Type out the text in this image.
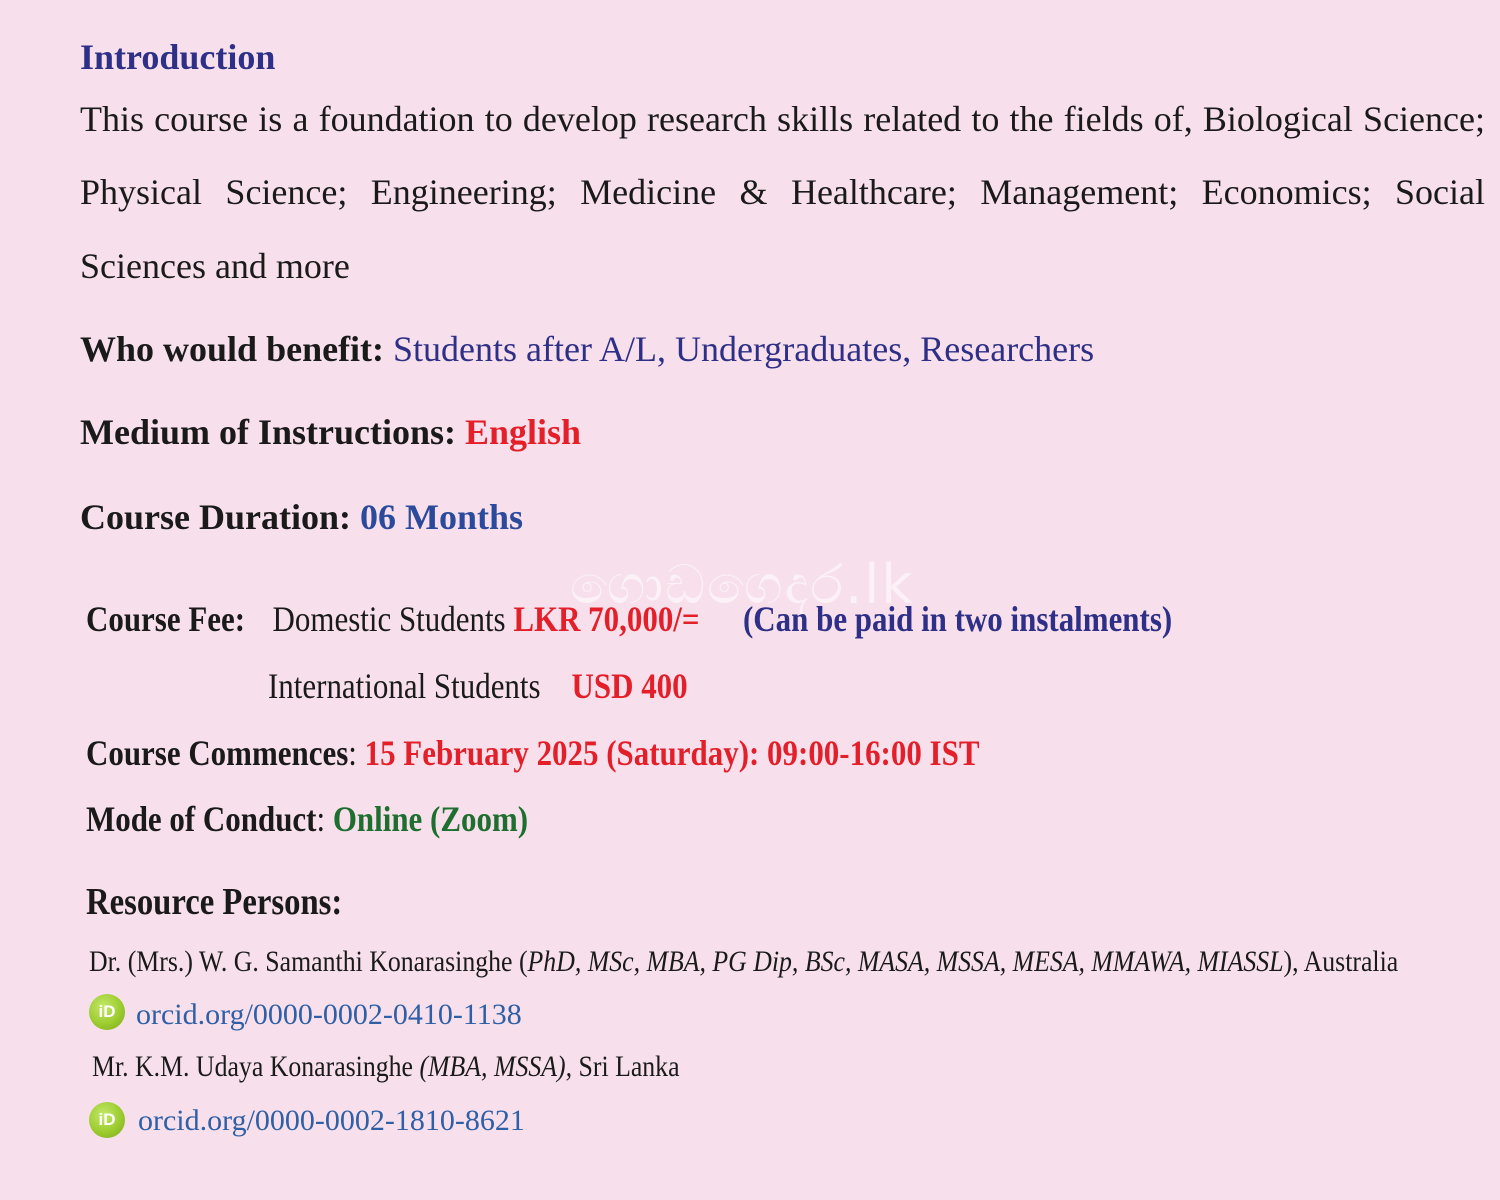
Introduction
This course is a foundation to develop research skills related to the fields of, Biological Science;
Physical Science; Engineering; Medicine & Healthcare; Management; Economics; Social
Sciences and more
Who would benefit: Students after A/L, Undergraduates, Researchers
Medium of Instructions: English
Course Duration: 06 Months
ගොඩගෙදර.lk
Course Fee: Domestic Students LKR 70,000/= (Can be paid in two instalments)
International Students USD 400
Course Commences: 15 February 2025 (Saturday): 09:00-16:00 IST
Mode of Conduct: Online (Zoom)
Resource Persons:
Dr. (Mrs.) W. G. Samanthi Konarasinghe (PhD, MSc, MBA, PG Dip, BSc, MASA, MSSA, MESA, MMAWA, MIASSL), Australia
iD orcid.org/0000-0002-0410-1138
Mr. K.M. Udaya Konarasinghe (MBA, MSSA), Sri Lanka
iD orcid.org/0000-0002-1810-8621
